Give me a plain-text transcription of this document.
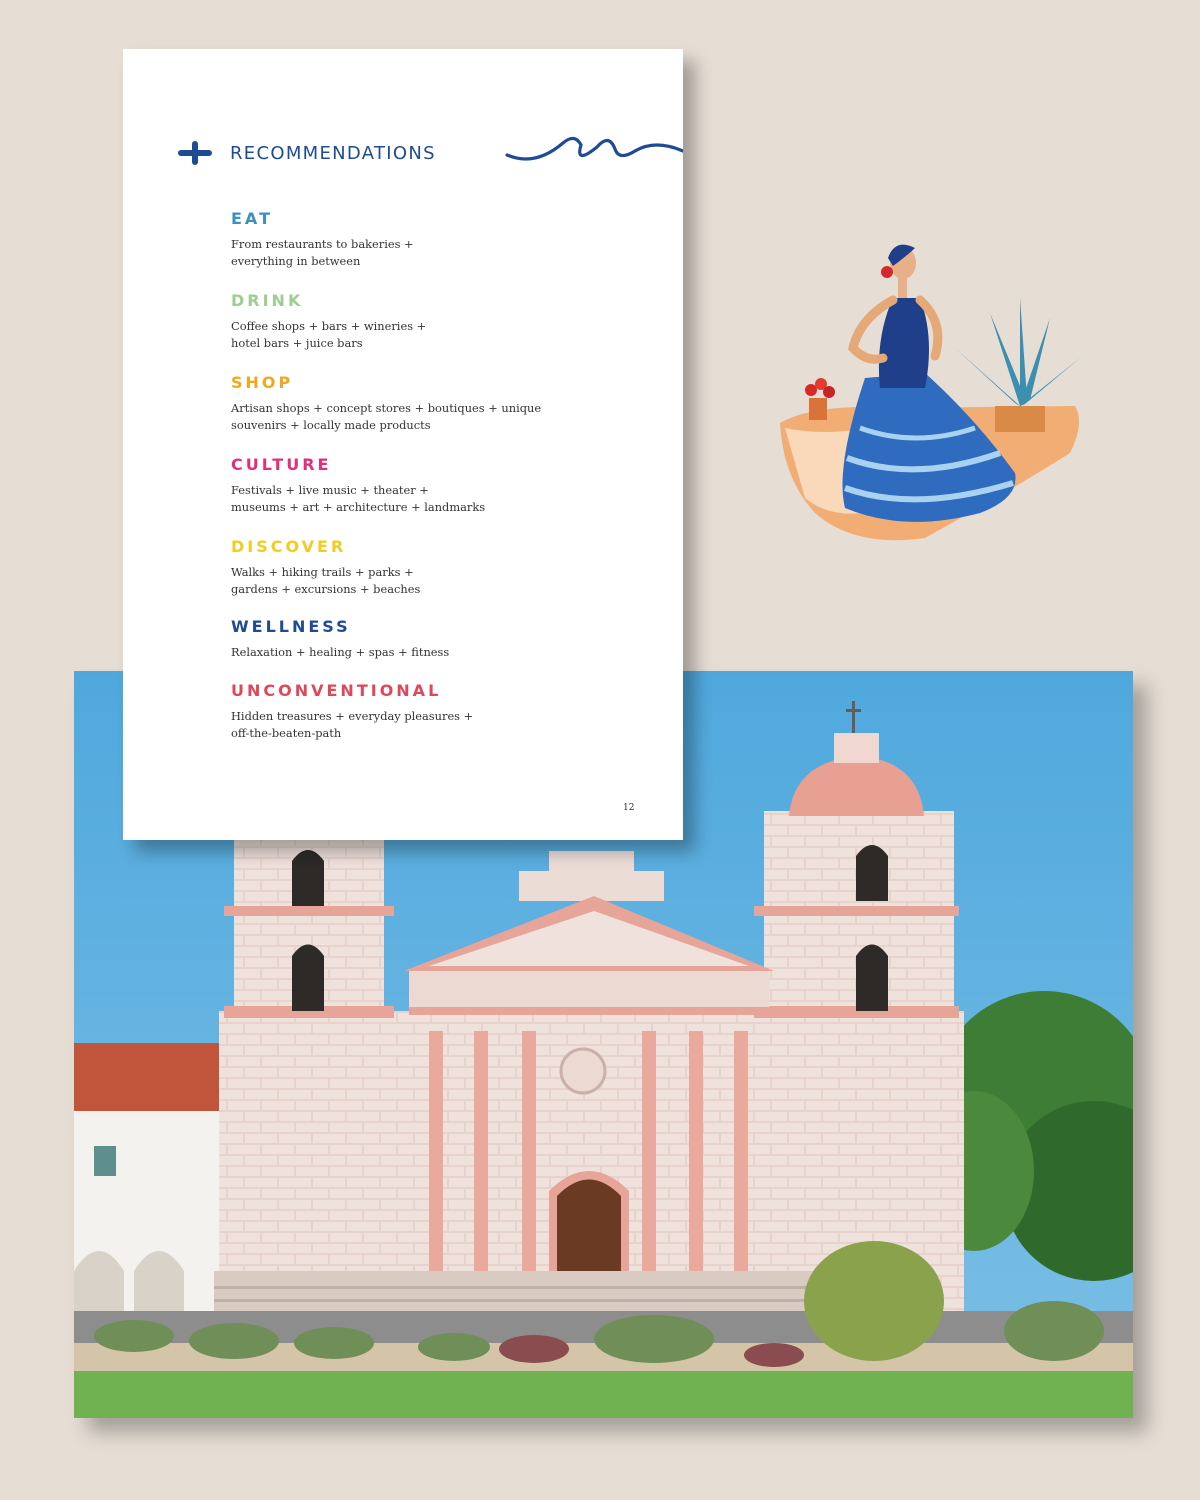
RECOMMENDATIONS
EAT
From restaurants to bakeries +
everything in between
DRINK
Coffee shops + bars + wineries +
hotel bars + juice bars
SHOP
Artisan shops + concept stores + boutiques + unique
souvenirs + locally made products
CULTURE
Festivals + live music + theater +
museums + art + architecture + landmarks
DISCOVER
Walks + hiking trails + parks +
gardens + excursions + beaches
WELLNESS
Relaxation + healing + spas + fitness
UNCONVENTIONAL
Hidden treasures + everyday pleasures +
off-the-beaten-path
12
